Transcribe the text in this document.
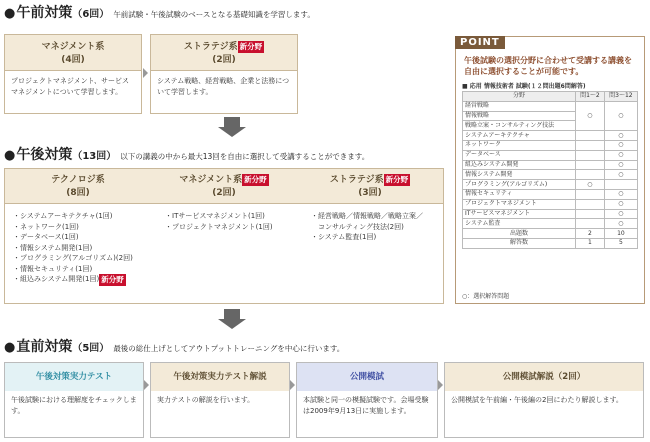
●午前対策（6回） 午前試験・午後試験のベースとなる基礎知識を学習します。
マネジメント系
(4回)
プロジェクトマネジメント、サービスマネジメントについて学習します。
ストラテジ系 新分野
(2回)
システム戦略、経営戦略、企業と法務について学習します。
●午後対策（13回） 以下の講義の中から最大13回を自由に選択して受講することができます。
テクノロジ系
(8回)
マネジメント系 新分野
(2回)
ストラテジ系 新分野
(3回)
・システムアーキテクチャ(1回)
・ネットワーク(1回)
・データベース(1回)
・情報システム開発(1回)
・プログラミング(アルゴリズム)(2回)
・情報セキュリティ(1回)
・組込みシステム開発(1回) 新分野
・ITサービスマネジメント(1回)
・プロジェクトマネジメント(1回)
・経営戦略／情報戦略／戦略立案／
　コンサルティング技法(2回)
・システム監査(1回)
午後試験の選択分野に合わせて受講する講義を自由に選択することが可能です。
■ 応用 情報技術者 試験(１２問出題6問解答)
分野	問1～2	問3～12
経営戦略	○	○
情報戦略		
戦略立案・コンサルティング技法		
システムアーキテクチャ		○
ネットワーク		○
データベース		○
組込みシステム開発		○
情報システム開発		○
プログラミング(アルゴリズム)	○	
情報セキュリティ		○
プロジェクトマネジメント		○
ITサービスマネジメント		○
システム監査		○
出題数	2	10
解答数	1	5
○：選択解答問題
POINT
●直前対策（5回） 最後の総仕上げとしてアウトプットトレーニングを中心に行います。
午後対策実力テスト
午後試験における理解度をチェックします。
午後対策実力テスト解説
実力テストの解説を行います。
公開模試
本試験と同一の模擬試験です。会場受験は2009年9月13日に実施します。
公開模試解説（2回）
公開模試を午前編・午後編の2回にわたり解説します。
